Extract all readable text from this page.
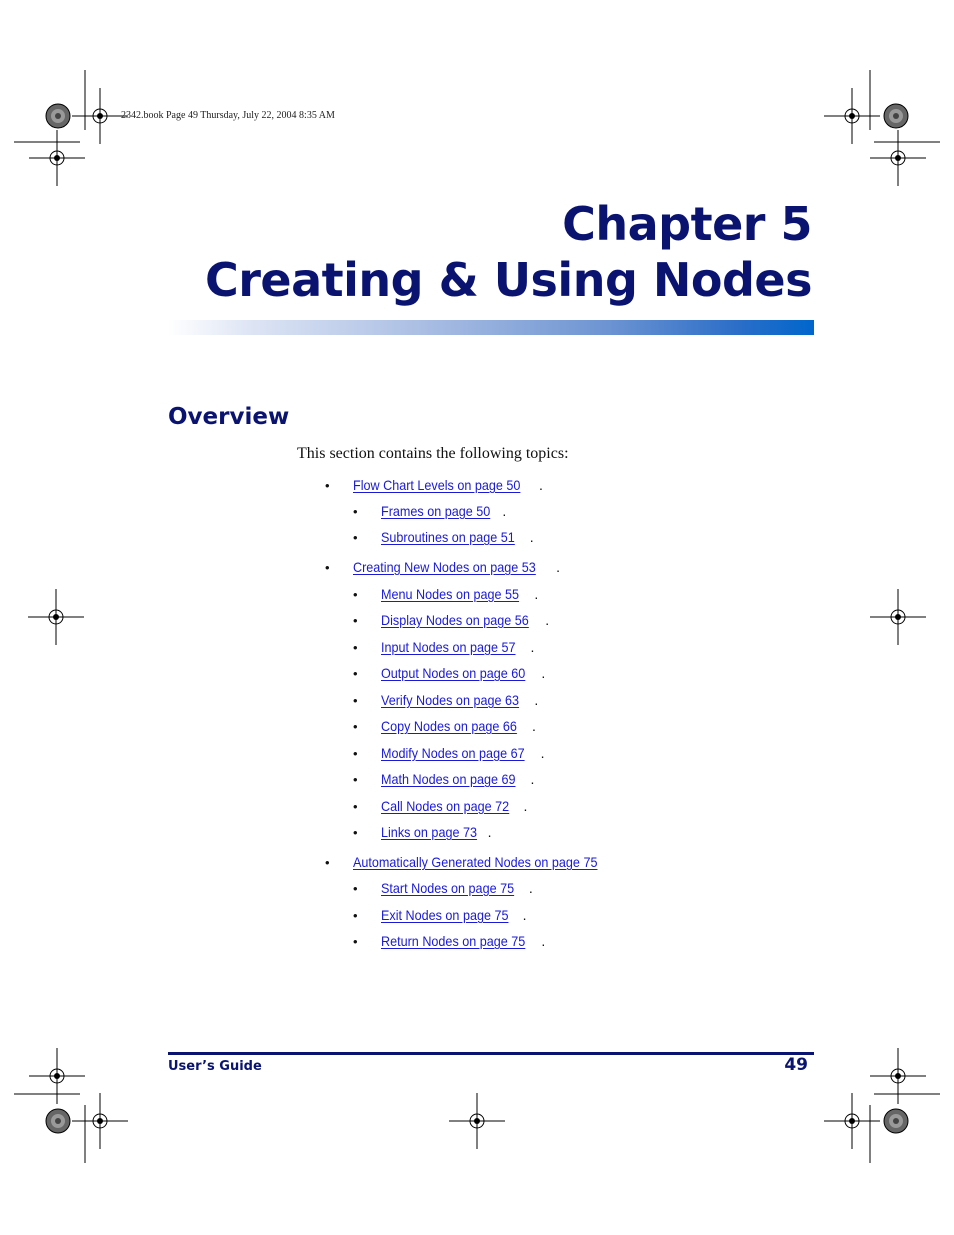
2342.book Page 49 Thursday, July 22, 2004 8:35 AM
Chapter 5
Creating & Using Nodes
Overview

This section contains the following topics:

• Flow Chart Levels on page 50 .
• Frames on page 50 .
• Subroutines on page 51 .
• Creating New Nodes on page 53 .
• Menu Nodes on page 55 .
• Display Nodes on page 56 .
• Input Nodes on page 57 .
• Output Nodes on page 60 .
• Verify Nodes on page 63 .
• Copy Nodes on page 66 .
• Modify Nodes on page 67 .
• Math Nodes on page 69 .
• Call Nodes on page 72 .
• Links on page 73 .
• Automatically Generated Nodes on page 75
• Start Nodes on page 75 .
• Exit Nodes on page 75 .
• Return Nodes on page 75 .
User’s Guide	49
